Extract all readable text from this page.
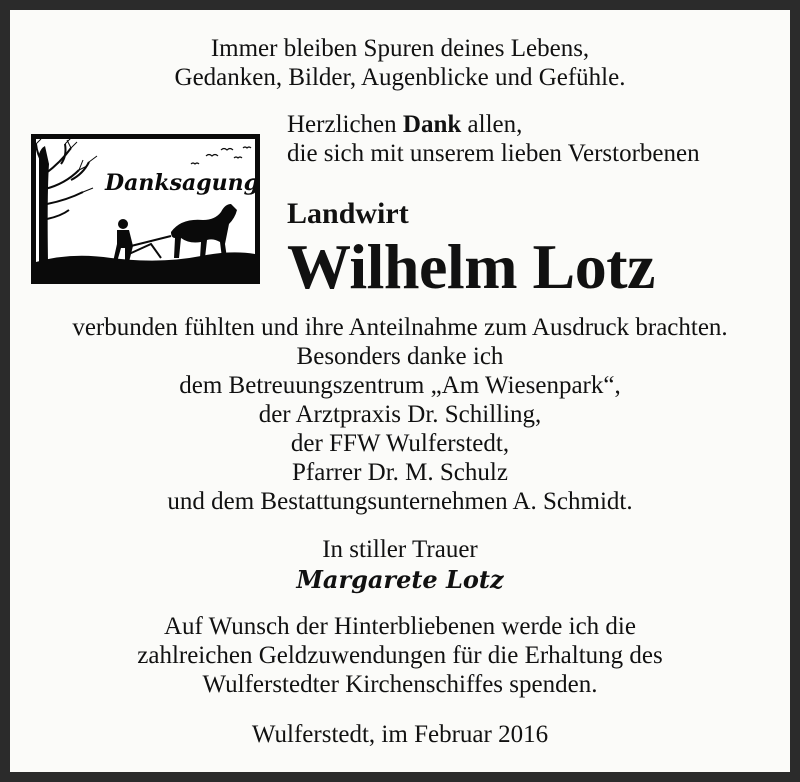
Immer bleiben Spuren deines Lebens,
Gedanken, Bilder, Augenblicke und Gefühle.
Herzlichen Dank allen,
die sich mit unserem lieben Verstorbenen
Danksagung
Landwirt
Wilhelm Lotz
verbunden fühlten und ihre Anteilnahme zum Ausdruck brachten.
Besonders danke ich
dem Betreuungszentrum „Am Wiesenpark“,
der Arztpraxis Dr. Schilling,
der FFW Wulferstedt,
Pfarrer Dr. M. Schulz
und dem Bestattungsunternehmen A. Schmidt.
In stiller Trauer
Margarete Lotz
Auf Wunsch der Hinterbliebenen werde ich die
zahlreichen Geldzuwendungen für die Erhaltung des
Wulferstedter Kirchenschiffes spenden.
Wulferstedt, im Februar 2016
